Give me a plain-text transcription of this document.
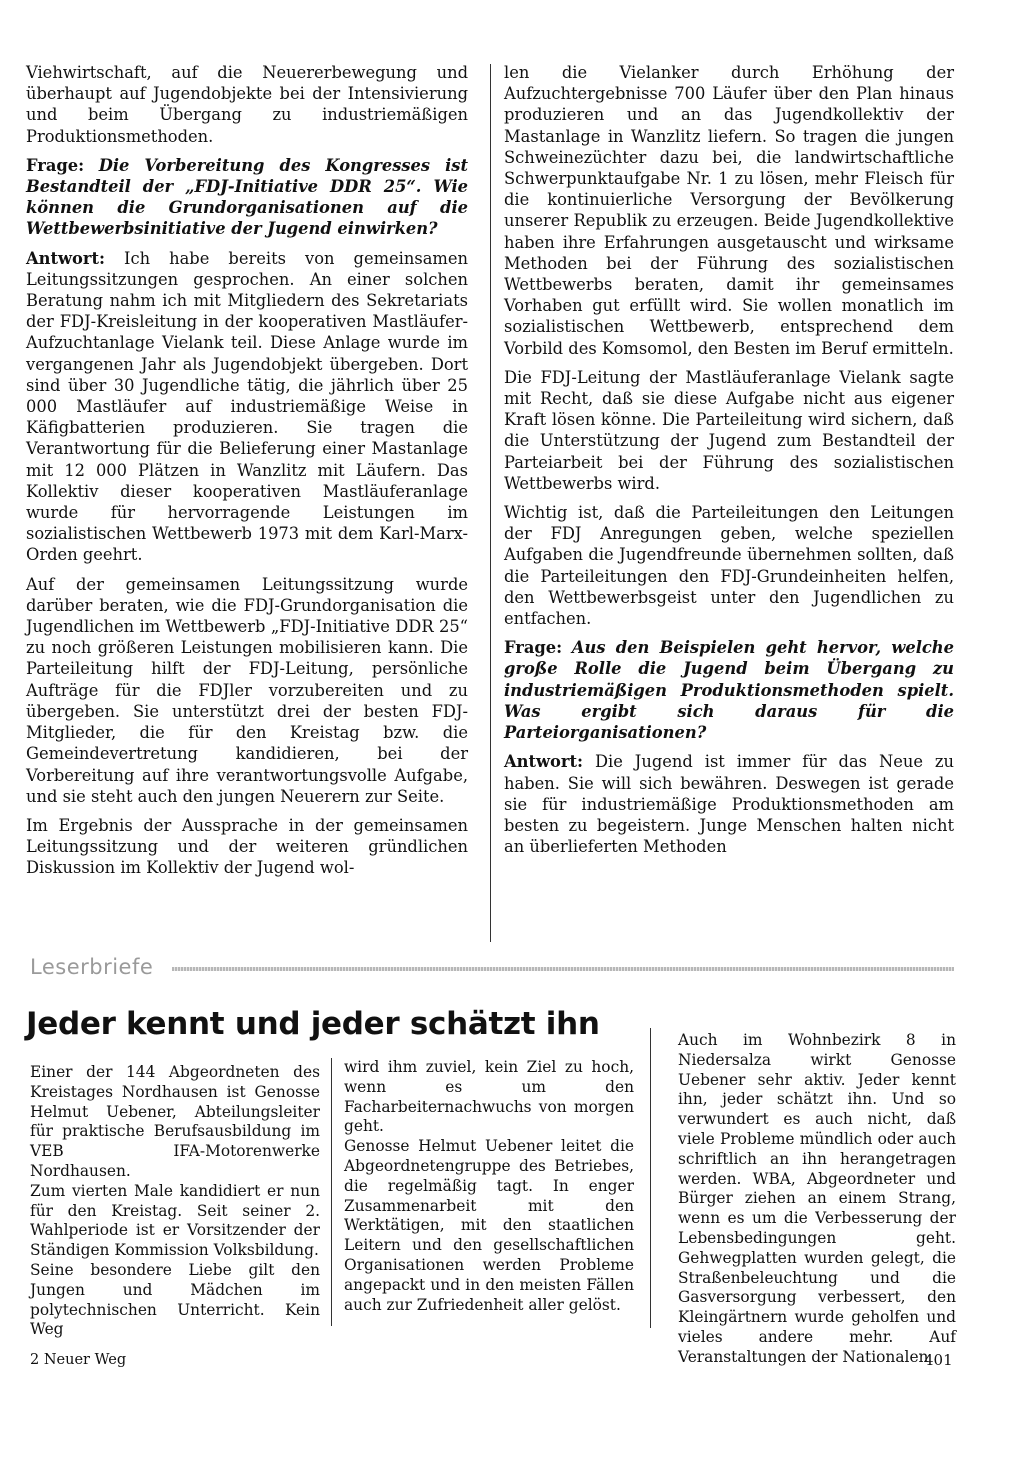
Viehwirtschaft, auf die Neuererbewegung und überhaupt auf Jugendobjekte bei der Intensivierung und beim Übergang zu industriemäßigen Produktionsmethoden.

Frage: Die Vorbereitung des Kongresses ist Bestandteil der „FDJ-Initiative DDR 25“. Wie können die Grundorganisationen auf die Wettbewerbsinitiative der Jugend einwirken?

Antwort: Ich habe bereits von gemeinsamen Leitungssitzungen gesprochen. An einer solchen Beratung nahm ich mit Mitgliedern des Sekretariats der FDJ-Kreisleitung in der kooperativen Mastläufer-Aufzuchtanlage Vielank teil. Diese Anlage wurde im vergangenen Jahr als Jugendobjekt übergeben. Dort sind über 30 Jugendliche tätig, die jährlich über 25 000 Mastläufer auf industriemäßige Weise in Käfigbatterien produzieren. Sie tragen die Verantwortung für die Belieferung einer Mastanlage mit 12 000 Plätzen in Wanzlitz mit Läufern. Das Kollektiv dieser kooperativen Mastläuferanlage wurde für hervorragende Leistungen im sozialistischen Wettbewerb 1973 mit dem Karl-Marx-Orden geehrt.

Auf der gemeinsamen Leitungssitzung wurde darüber beraten, wie die FDJ-Grundorganisation die Jugendlichen im Wettbewerb „FDJ-Initiative DDR 25“ zu noch größeren Leistungen mobilisieren kann. Die Parteileitung hilft der FDJ-Leitung, persönliche Aufträge für die FDJler vorzubereiten und zu übergeben. Sie unterstützt drei der besten FDJ-Mitglieder, die für den Kreistag bzw. die Gemeindevertretung kandidieren, bei der Vorbereitung auf ihre verantwortungsvolle Aufgabe, und sie steht auch den jungen Neuerern zur Seite.

Im Ergebnis der Aussprache in der gemeinsamen Leitungssitzung und der weiteren gründlichen Diskussion im Kollektiv der Jugend wol-

len die Vielanker durch Erhöhung der Aufzuchtergebnisse 700 Läufer über den Plan hinaus produzieren und an das Jugendkollektiv der Mastanlage in Wanzlitz liefern. So tragen die jungen Schweinezüchter dazu bei, die landwirtschaftliche Schwerpunktaufgabe Nr. 1 zu lösen, mehr Fleisch für die kontinuierliche Versorgung der Bevölkerung unserer Republik zu erzeugen. Beide Jugendkollektive haben ihre Erfahrungen ausgetauscht und wirksame Methoden bei der Führung des sozialistischen Wettbewerbs beraten, damit ihr gemeinsames Vorhaben gut erfüllt wird. Sie wollen monatlich im sozialistischen Wettbewerb, entsprechend dem Vorbild des Komsomol, den Besten im Beruf ermitteln.

Die FDJ-Leitung der Mastläuferanlage Vielank sagte mit Recht, daß sie diese Aufgabe nicht aus eigener Kraft lösen könne. Die Parteileitung wird sichern, daß die Unterstützung der Jugend zum Bestandteil der Parteiarbeit bei der Führung des sozialistischen Wettbewerbs wird.

Wichtig ist, daß die Parteileitungen den Leitungen der FDJ Anregungen geben, welche speziellen Aufgaben die Jugendfreunde übernehmen sollten, daß die Parteileitungen den FDJ-Grundeinheiten helfen, den Wettbewerbsgeist unter den Jugendlichen zu entfachen.

Frage: Aus den Beispielen geht hervor, welche große Rolle die Jugend beim Übergang zu industriemäßigen Produktionsmethoden spielt. Was ergibt sich daraus für die Parteiorganisationen?

Antwort: Die Jugend ist immer für das Neue zu haben. Sie will sich bewähren. Deswegen ist gerade sie für industriemäßige Produktionsmethoden am besten zu begeistern. Junge Menschen halten nicht an überlieferten Methoden

Leserbriefe
Jeder kennt und jeder schätzt ihn

Einer der 144 Abgeordneten des Kreistages Nordhausen ist Genosse Helmut Uebener, Abteilungsleiter für praktische Berufsausbildung im VEB IFA-Motorenwerke Nordhausen.

Zum vierten Male kandidiert er nun für den Kreistag. Seit seiner 2. Wahlperiode ist er Vorsitzender der Ständigen Kommission Volksbildung.

Seine besondere Liebe gilt den Jungen und Mädchen im polytechnischen Unterricht. Kein Weg

wird ihm zuviel, kein Ziel zu hoch, wenn es um den Facharbeiternachwuchs von morgen geht.

Genosse Helmut Uebener leitet die Abgeordnetengruppe des Betriebes, die regelmäßig tagt. In enger Zusammenarbeit mit den Werktätigen, mit den staatlichen Leitern und den gesellschaftlichen Organisationen werden Probleme angepackt und in den meisten Fällen auch zur Zufriedenheit aller gelöst.

Auch im Wohnbezirk 8 in Niedersalza wirkt Genosse Uebener sehr aktiv. Jeder kennt ihn, jeder schätzt ihn. Und so verwundert es auch nicht, daß viele Probleme mündlich oder auch schriftlich an ihn herangetragen werden. WBA, Abgeordneter und Bürger ziehen an einem Strang, wenn es um die Verbesserung der Lebensbedingungen geht. Gehwegplatten wurden gelegt, die Straßenbeleuchtung und die Gasversorgung verbessert, den Kleingärtnern wurde geholfen und vieles andere mehr. Auf Veranstaltungen der Nationalen

2 Neuer Weg	401
